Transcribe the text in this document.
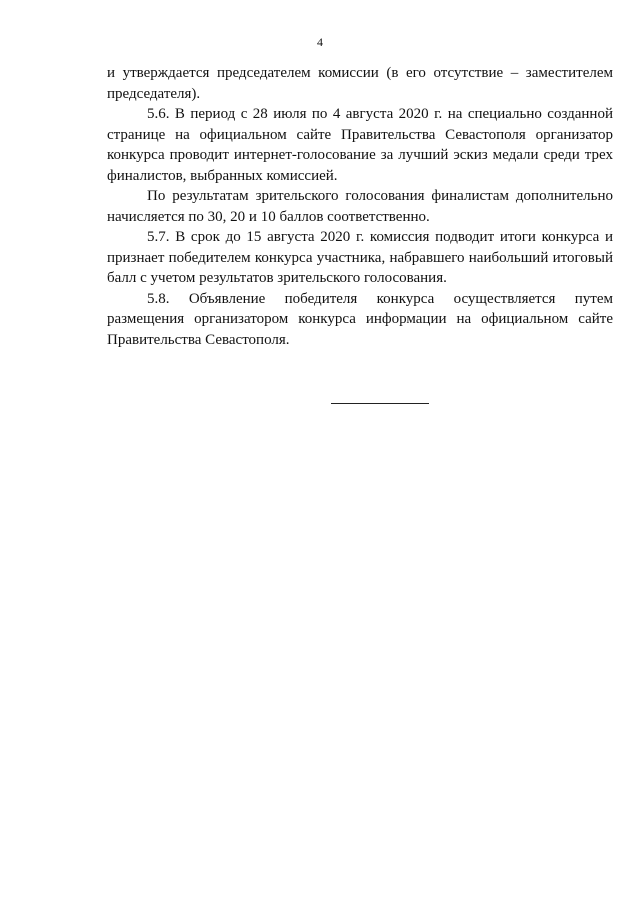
4

и утверждается председателем комиссии (в его отсутствие – заместителем председателя).

5.6. В период с 28 июля по 4 августа 2020 г. на специально созданной странице на официальном сайте Правительства Севастополя организатор конкурса проводит интернет-голосование за лучший эскиз медали среди трех финалистов, выбранных комиссией.

По результатам зрительского голосования финалистам дополнительно начисляется по 30, 20 и 10 баллов соответственно.

5.7. В срок до 15 августа 2020 г. комиссия подводит итоги конкурса и признает победителем конкурса участника, набравшего наибольший итоговый балл с учетом результатов зрительского голосования.

5.8. Объявление победителя конкурса осуществляется путем размещения организатором конкурса информации на официальном сайте Правительства Севастополя.
